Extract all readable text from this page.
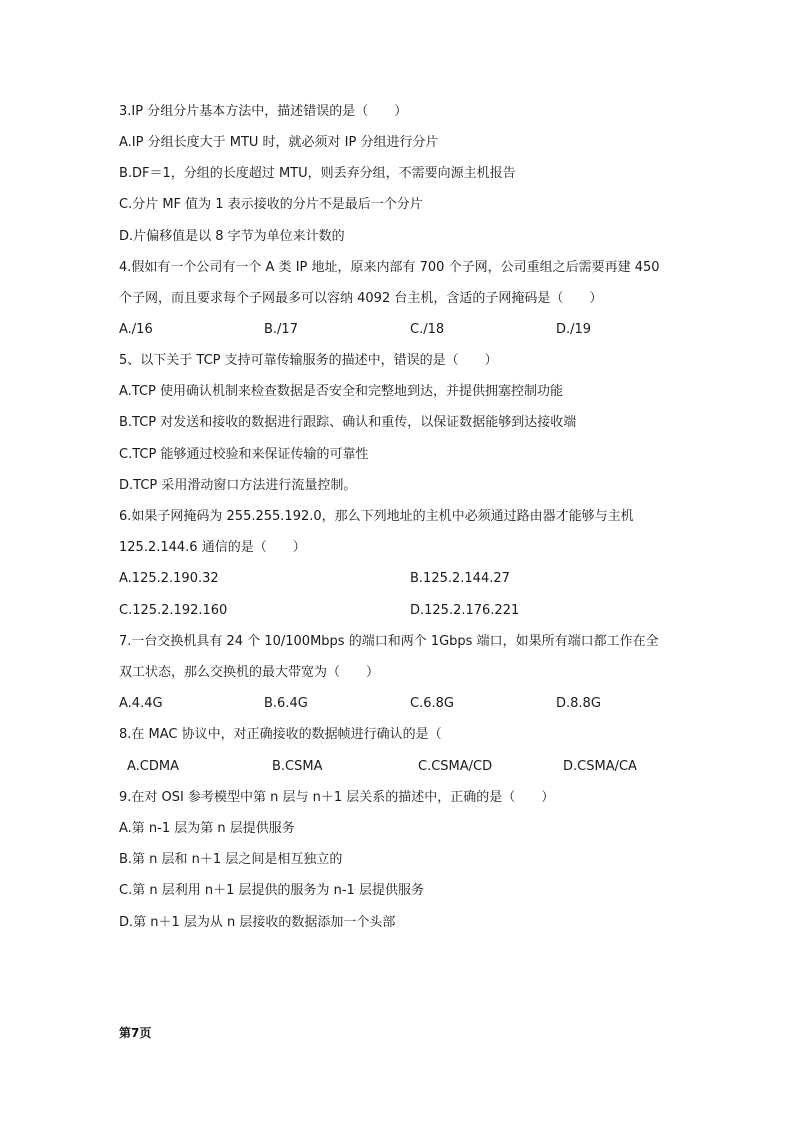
3.IP 分组分片基本方法中，描述错误的是（　　）
A.IP 分组长度大于 MTU 时，就必须对 IP 分组进行分片
B.DF＝1，分组的长度超过 MTU，则丢弃分组，不需要向源主机报告
C.分片 MF 值为 1 表示接收的分片不是最后一个分片
D.片偏移值是以 8 字节为单位来计数的
4.假如有一个公司有一个 A 类 IP 地址，原来内部有 700 个子网，公司重组之后需要再建 450
个子网，而且要求每个子网最多可以容纳 4092 台主机，含适的子网掩码是（　　）
A./16	B./17	C./18	D./19
5、以下关于 TCP 支持可靠传输服务的描述中，错误的是（　　）
A.TCP 使用确认机制来检查数据是否安全和完整地到达，并提供拥塞控制功能
B.TCP 对发送和接收的数据进行跟踪、确认和重传，以保证数据能够到达接收端
C.TCP 能够通过校验和来保证传输的可靠性
D.TCP 采用滑动窗口方法进行流量控制。
6.如果子网掩码为 255.255.192.0，那么下列地址的主机中必须通过路由器才能够与主机
125.2.144.6 通信的是（　　）
A.125.2.190.32	B.125.2.144.27
C.125.2.192.160	D.125.2.176.221
7.一台交换机具有 24 个 10/100Mbps 的端口和两个 1Gbps 端口，如果所有端口都工作在全
双工状态，那么交换机的最大带宽为（　　）
A.4.4G	B.6.4G	C.6.8G	D.8.8G
8.在 MAC 协议中，对正确接收的数据帧进行确认的是（
A.CDMA	B.CSMA	C.CSMA/CD	D.CSMA/CA
9.在对 OSI 参考模型中第 n 层与 n＋1 层关系的描述中，正确的是（　　）
A.第 n-1 层为第 n 层提供服务
B.第 n 层和 n＋1 层之间是相互独立的
C.第 n 层利用 n＋1 层提供的服务为 n-1 层提供服务
D.第 n＋1 层为从 n 层接收的数据添加一个头部
第7页
